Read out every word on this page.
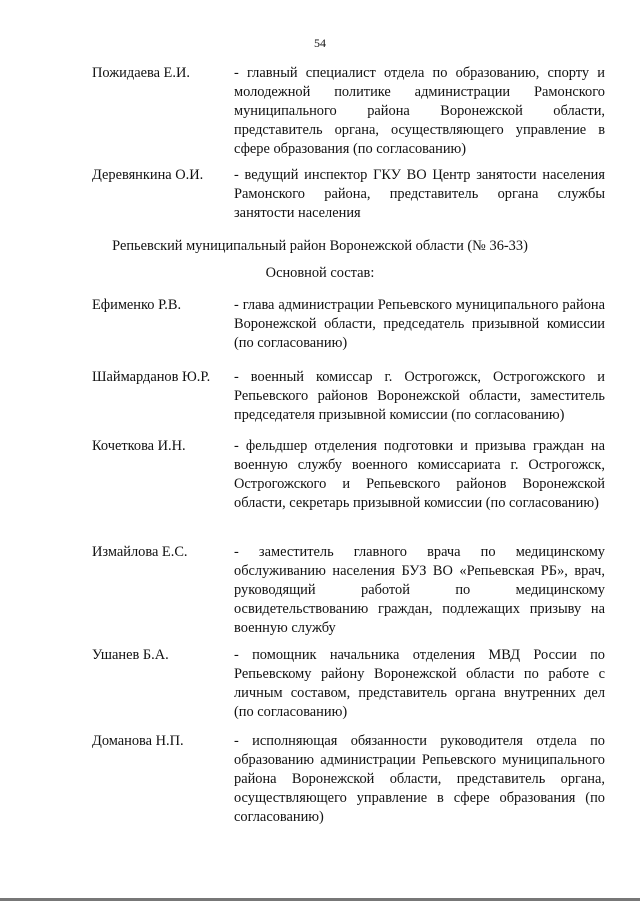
54
Пожидаева Е.И.	- главный специалист отдела по образованию, спорту и молодежной политике администрации Рамонского муниципального района Воронежской области, представитель органа, осуществляющего управление в сфере образования (по согласованию)
Деревянкина О.И.	- ведущий инспектор ГКУ ВО Центр занятости населения Рамонского района, представитель органа службы занятости населения
Репьевский муниципальный район Воронежской области (№ 36-33)
Основной состав:
Ефименко Р.В.	- глава администрации Репьевского муниципального района Воронежской области, председатель призывной комиссии (по согласованию)
Шаймарданов Ю.Р.	- военный комиссар г. Острогожск, Острогожского и Репьевского районов Воронежской области, заместитель председателя призывной комиссии (по согласованию)
Кочеткова И.Н.	- фельдшер отделения подготовки и призыва граждан на военную службу военного комиссариата г. Острогожск, Острогожского и Репьевского районов Воронежской области, секретарь призывной комиссии (по согласованию)
Измайлова Е.С.	- заместитель главного врача по медицинскому обслуживанию населения БУЗ ВО «Репьевская РБ», врач, руководящий работой по медицинскому освидетельствованию граждан, подлежащих призыву на военную службу
Ушанев Б.А.	- помощник начальника отделения МВД России по Репьевскому району Воронежской области по работе с личным составом, представитель органа внутренних дел (по согласованию)
Доманова Н.П.	- исполняющая обязанности руководителя отдела по образованию администрации Репьевского муниципального района Воронежской области, представитель органа, осуществляющего управление в сфере образования (по согласованию)
